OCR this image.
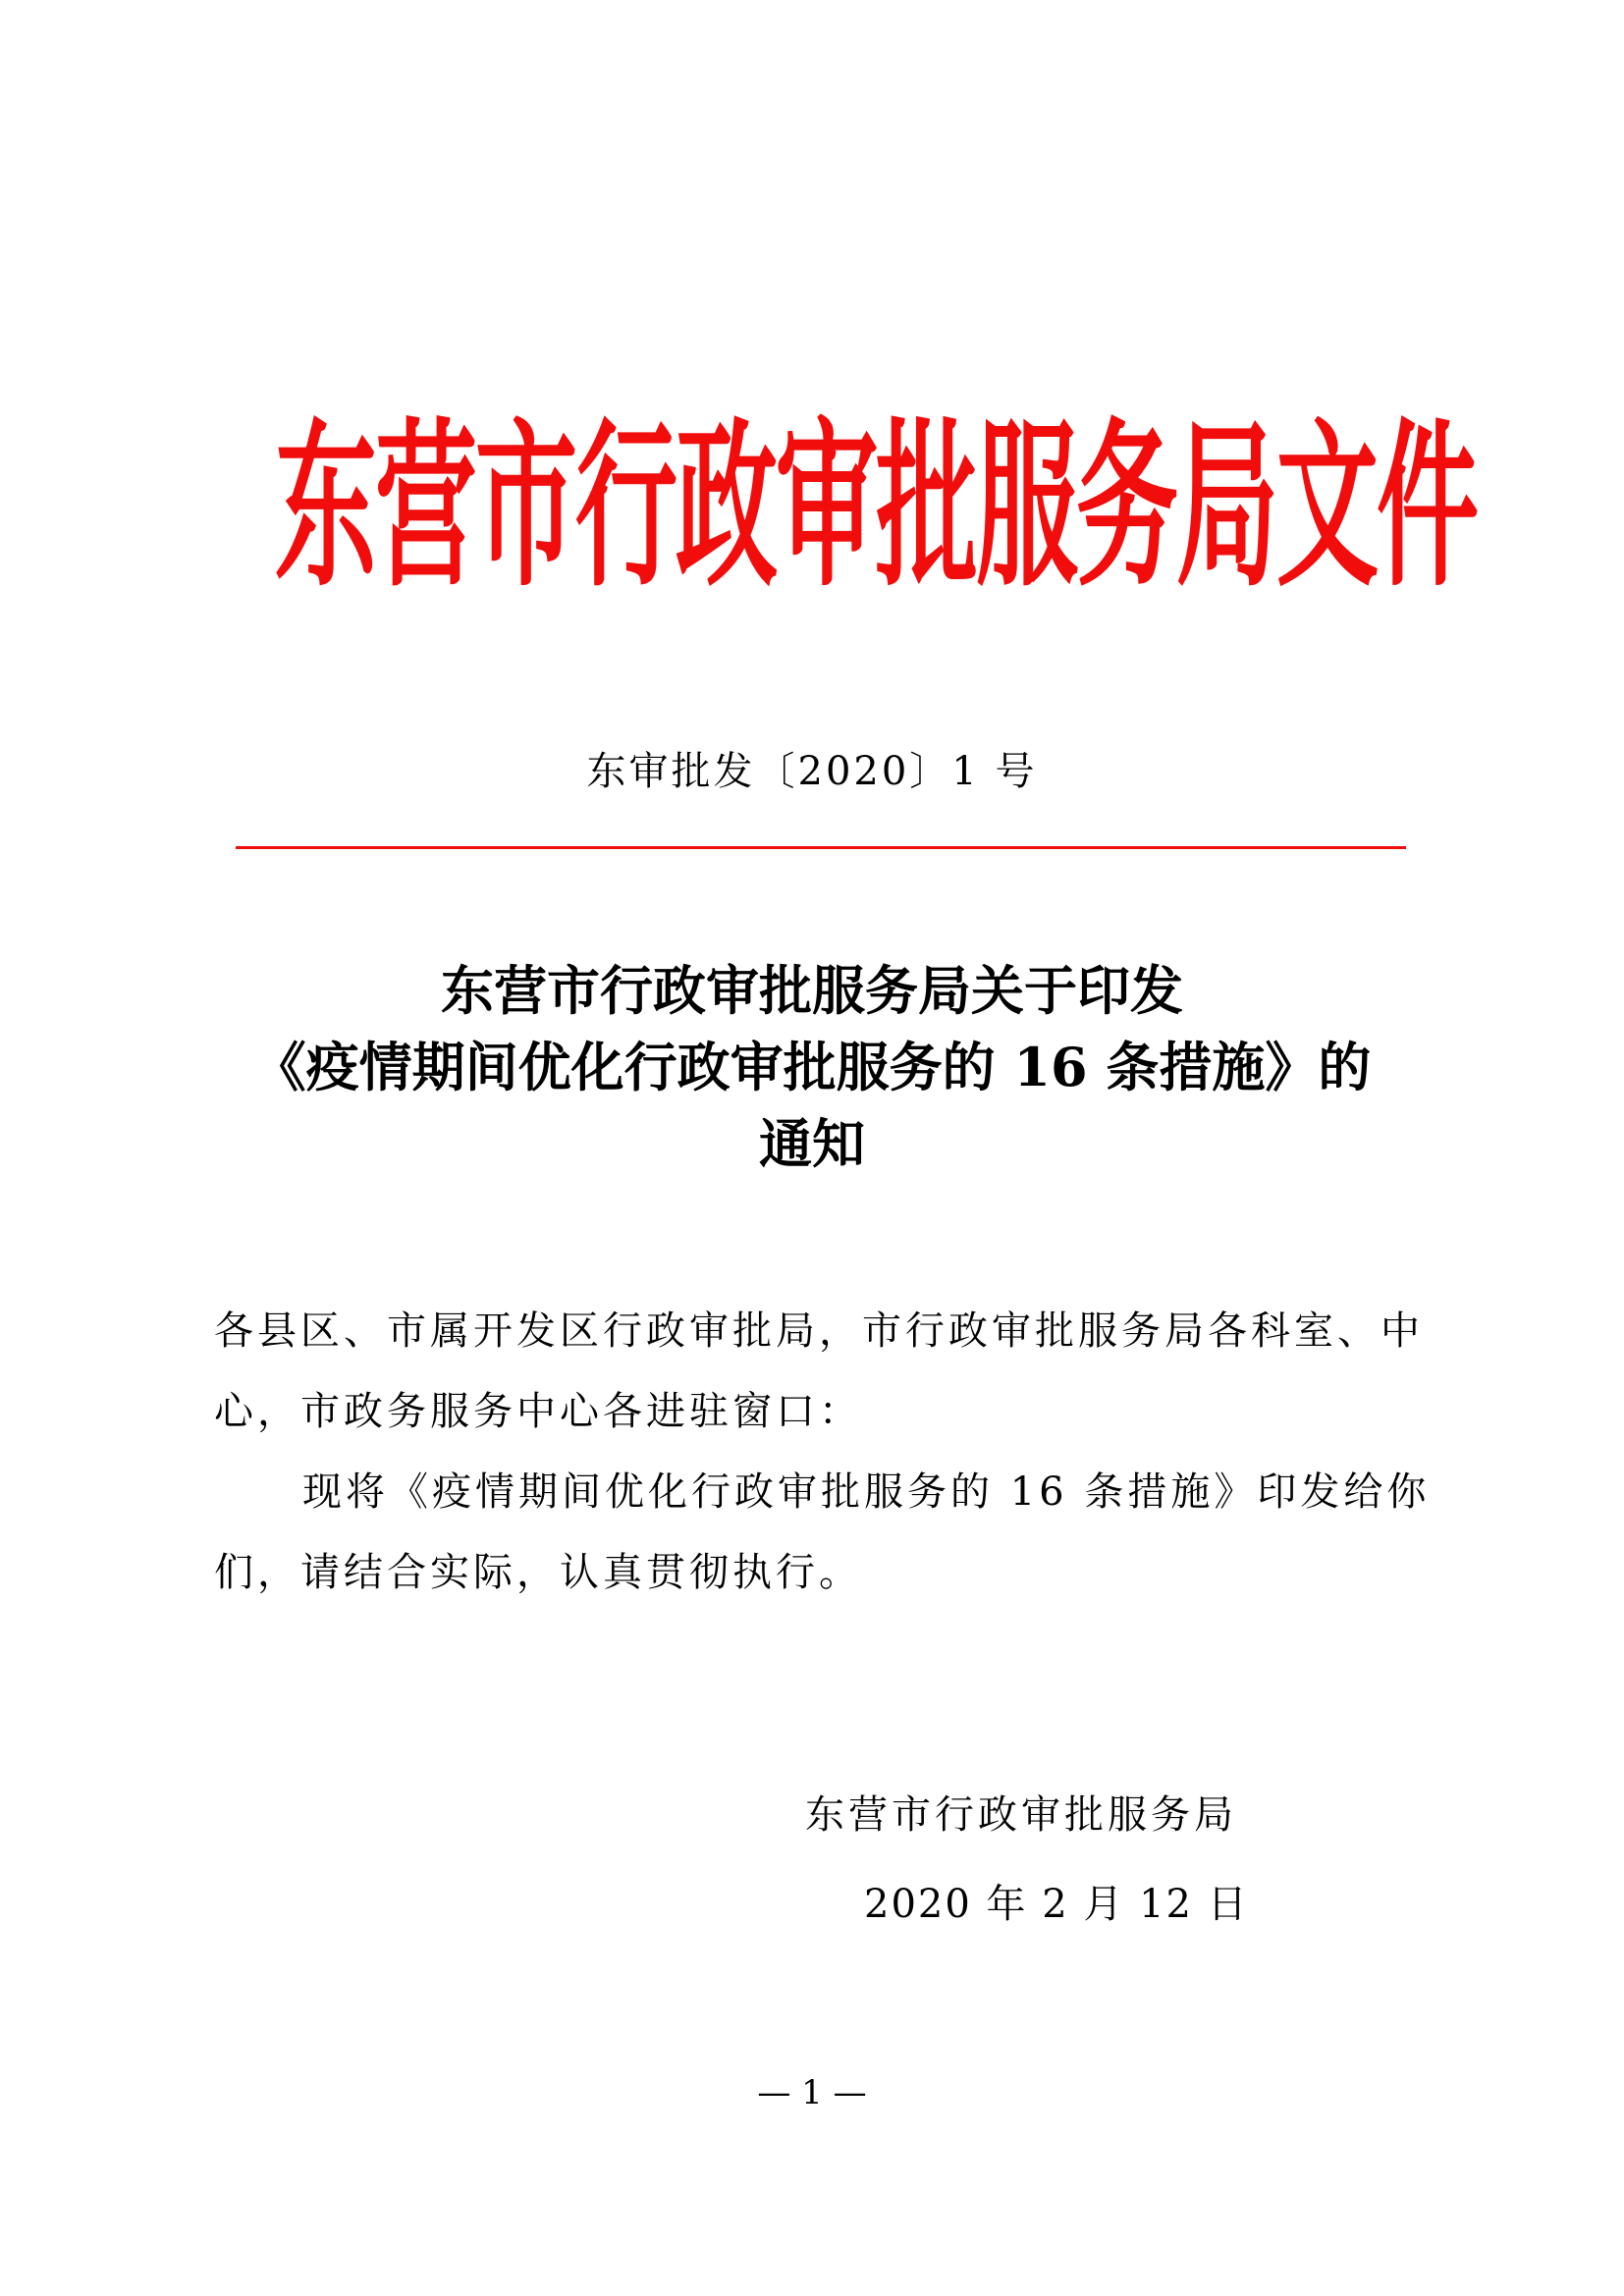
东营市行政审批服务局文件
东审批发〔2020〕1 号
东营市行政审批服务局关于印发
《疫情期间优化行政审批服务的 16 条措施》的
通知

各县区、市属开发区行政审批局，市行政审批服务局各科室、中

心，市政务服务中心各进驻窗口：

现将《疫情期间优化行政审批服务的 16 条措施》印发给你

们，请结合实际，认真贯彻执行。

东营市行政审批服务局
2020 年 2 月 12 日
— 1 —
